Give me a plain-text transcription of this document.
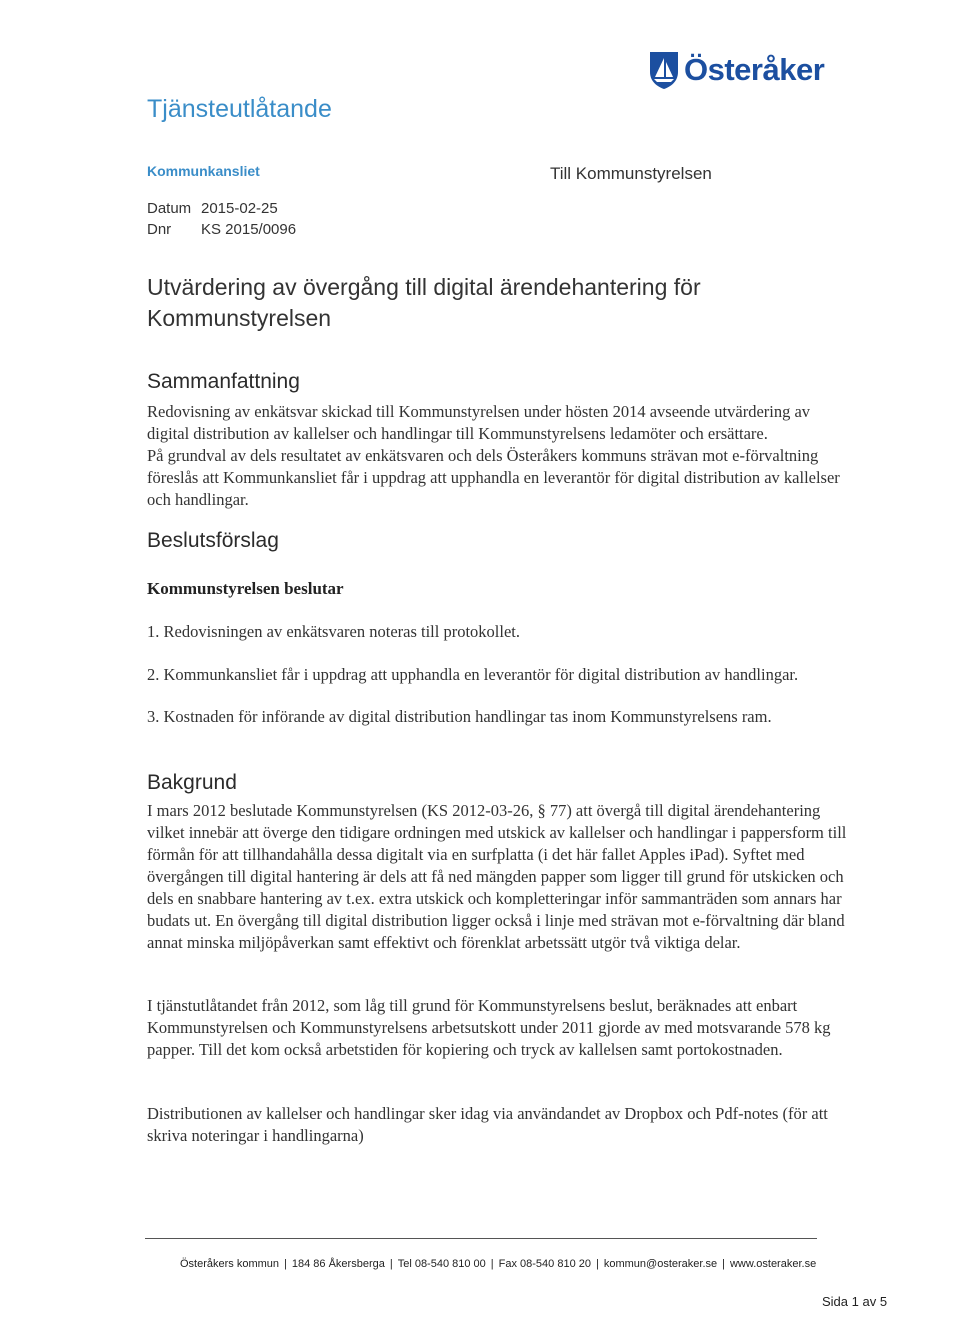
Österåker
Tjänsteutlåtande
Kommunkansliet	Till Kommunstyrelsen
Datum 2015-02-25
Dnr KS 2015/0096
Utvärdering av övergång till digital ärendehantering för
Kommunstyrelsen
Sammanfattning

Redovisning av enkätsvar skickad till Kommunstyrelsen under hösten 2014 avseende utvärdering av digital distribution av kallelser och handlingar till Kommunstyrelsens ledamöter och ersättare.

På grundval av dels resultatet av enkätsvaren och dels Österåkers kommuns strävan mot e-förvaltning föreslås att Kommunkansliet får i uppdrag att upphandla en leverantör för digital distribution av kallelser och handlingar.

Beslutsförslag
Kommunstyrelsen beslutar
1. Redovisningen av enkätsvaren noteras till protokollet.
2. Kommunkansliet får i uppdrag att upphandla en leverantör för digital distribution av handlingar.
3. Kostnaden för införande av digital distribution handlingar tas inom Kommunstyrelsens ram.
Bakgrund

I mars 2012 beslutade Kommunstyrelsen (KS 2012-03-26, § 77) att övergå till digital ärendehantering vilket innebär att överge den tidigare ordningen med utskick av kallelser och handlingar i pappersform till förmån för att tillhandahålla dessa digitalt via en surfplatta (i det här fallet Apples iPad). Syftet med övergången till digital hantering är dels att få ned mängden papper som ligger till grund för utskicken och dels en snabbare hantering av t.ex. extra utskick och kompletteringar inför sammanträden som annars har budats ut. En övergång till digital distribution ligger också i linje med strävan mot e-förvaltning där bland annat minska miljöpåverkan samt effektivt och förenklat arbetssätt utgör två viktiga delar.

I tjänstutlåtandet från 2012, som låg till grund för Kommunstyrelsens beslut, beräknades att enbart Kommunstyrelsen och Kommunstyrelsens arbetsutskott under 2011 gjorde av med motsvarande 578 kg papper. Till det kom också arbetstiden för kopiering och tryck av kallelsen samt portokostnaden.

Distributionen av kallelser och handlingar sker idag via användandet av Dropbox och Pdf-notes (för att skriva noteringar i handlingarna)

Österåkers kommun | 184 86 Åkersberga | Tel 08-540 810 00 | Fax 08-540 810 20 | kommun@osteraker.se | www.osteraker.se
Sida 1 av 5
